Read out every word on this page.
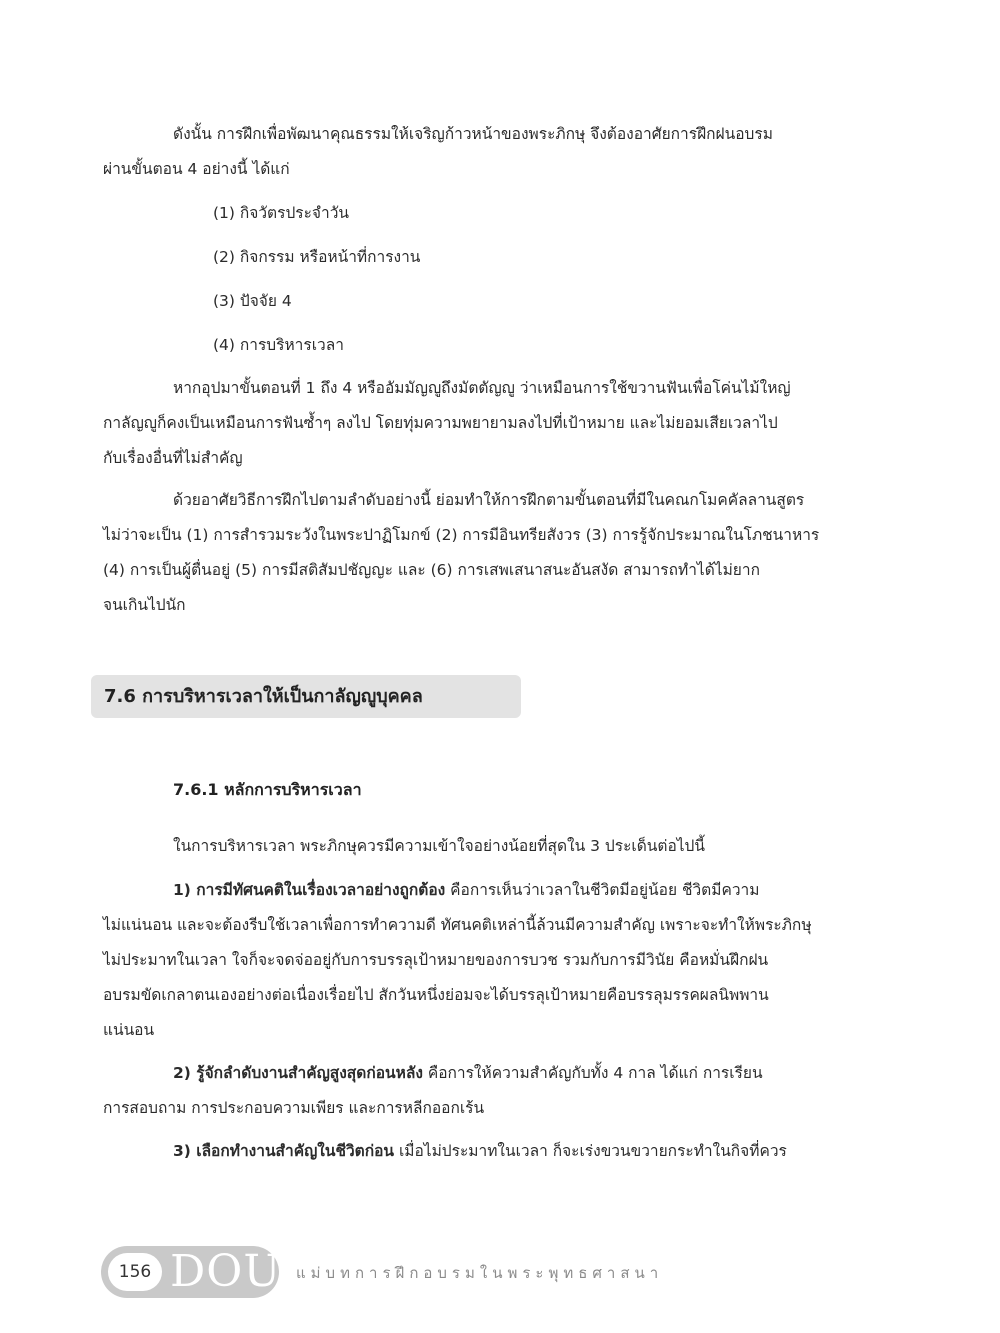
ดังนั้น การฝึกเพื่อพัฒนาคุณธรรมให้เจริญก้าวหน้าของพระภิกษุ จึงต้องอาศัยการฝึกฝนอบรม
ผ่านขั้นตอน 4 อย่างนี้ ได้แก่
(1) กิจวัตรประจำวัน
(2) กิจกรรม หรือหน้าที่การงาน
(3) ปัจจัย 4
(4) การบริหารเวลา
หากอุปมาขั้นตอนที่ 1 ถึง 4 หรืออัมมัญญูถึงมัตตัญญู ว่าเหมือนการใช้ขวานฟันเพื่อโค่นไม้ใหญ่
กาลัญญูก็คงเป็นเหมือนการฟันซ้ำๆ ลงไป โดยทุ่มความพยายามลงไปที่เป้าหมาย และไม่ยอมเสียเวลาไป
กับเรื่องอื่นที่ไม่สำคัญ
ด้วยอาศัยวิธีการฝึกไปตามลำดับอย่างนี้ ย่อมทำให้การฝึกตามขั้นตอนที่มีในคณกโมคคัลลานสูตร
ไม่ว่าจะเป็น (1) การสำรวมระวังในพระปาฏิโมกข์ (2) การมีอินทรียสังวร (3) การรู้จักประมาณในโภชนาหาร
(4) การเป็นผู้ตื่นอยู่ (5) การมีสติสัมปชัญญะ และ (6) การเสพเสนาสนะอันสงัด สามารถทำได้ไม่ยาก
จนเกินไปนัก
7.6 การบริหารเวลาให้เป็นกาลัญญูบุคคล
7.6.1 หลักการบริหารเวลา
ในการบริหารเวลา พระภิกษุควรมีความเข้าใจอย่างน้อยที่สุดใน 3 ประเด็นต่อไปนี้
1) การมีทัศนคติในเรื่องเวลาอย่างถูกต้อง คือการเห็นว่าเวลาในชีวิตมีอยู่น้อย ชีวิตมีความ
ไม่แน่นอน และจะต้องรีบใช้เวลาเพื่อการทำความดี ทัศนคติเหล่านี้ล้วนมีความสำคัญ เพราะจะทำให้พระภิกษุ
ไม่ประมาทในเวลา ใจก็จะจดจ่ออยู่กับการบรรลุเป้าหมายของการบวช รวมกับการมีวินัย คือหมั่นฝึกฝน
อบรมขัดเกลาตนเองอย่างต่อเนื่องเรื่อยไป สักวันหนึ่งย่อมจะได้บรรลุเป้าหมายคือบรรลุมรรคผลนิพพาน
แน่นอน
2) รู้จักลำดับงานสำคัญสูงสุดก่อนหลัง คือการให้ความสำคัญกับทั้ง 4 กาล ได้แก่ การเรียน
การสอบถาม การประกอบความเพียร และการหลีกออกเร้น
3) เลือกทำงานสำคัญในชีวิตก่อน เมื่อไม่ประมาทในเวลา ก็จะเร่งขวนขวายกระทำในกิจที่ควร
156 DOU แม่บทการฝึกอบรมในพระพุทธศาสนา
